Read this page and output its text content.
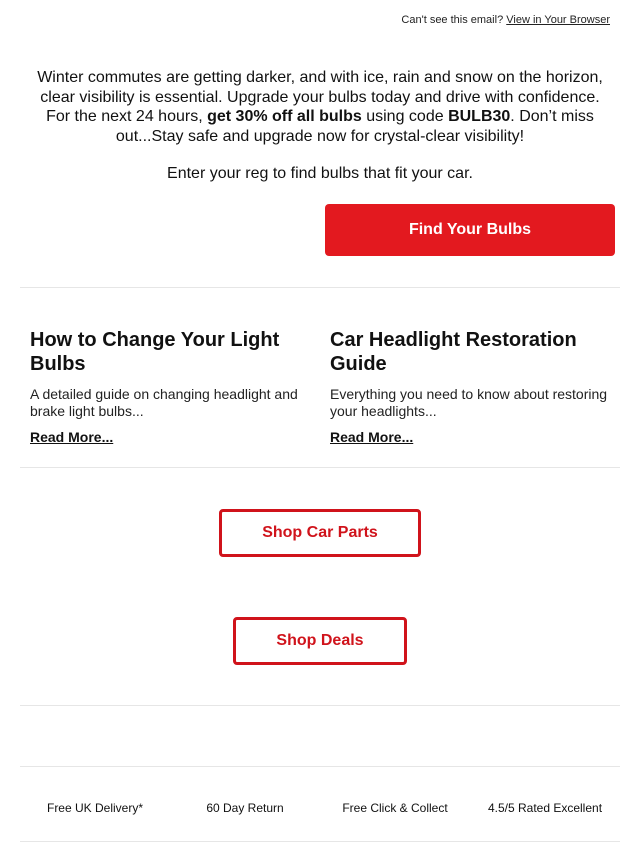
Can't see this email? View in Your Browser
Winter commutes are getting darker, and with ice, rain and snow on the horizon, clear visibility is essential. Upgrade your bulbs today and drive with confidence. For the next 24 hours, get 30% off all bulbs using code BULB30. Don’t miss out...Stay safe and upgrade now for crystal-clear visibility!
Enter your reg to find bulbs that fit your car.
Find Your Bulbs
How to Change Your Light Bulbs

A detailed guide on changing headlight and brake light bulbs...

Read More...
Car Headlight Restoration Guide

Everything you need to know about restoring your headlights...

Read More...
Shop Car Parts
Shop Deals
Free UK Delivery*	60 Day Return	Free Click & Collect	4.5/5 Rated Excellent
